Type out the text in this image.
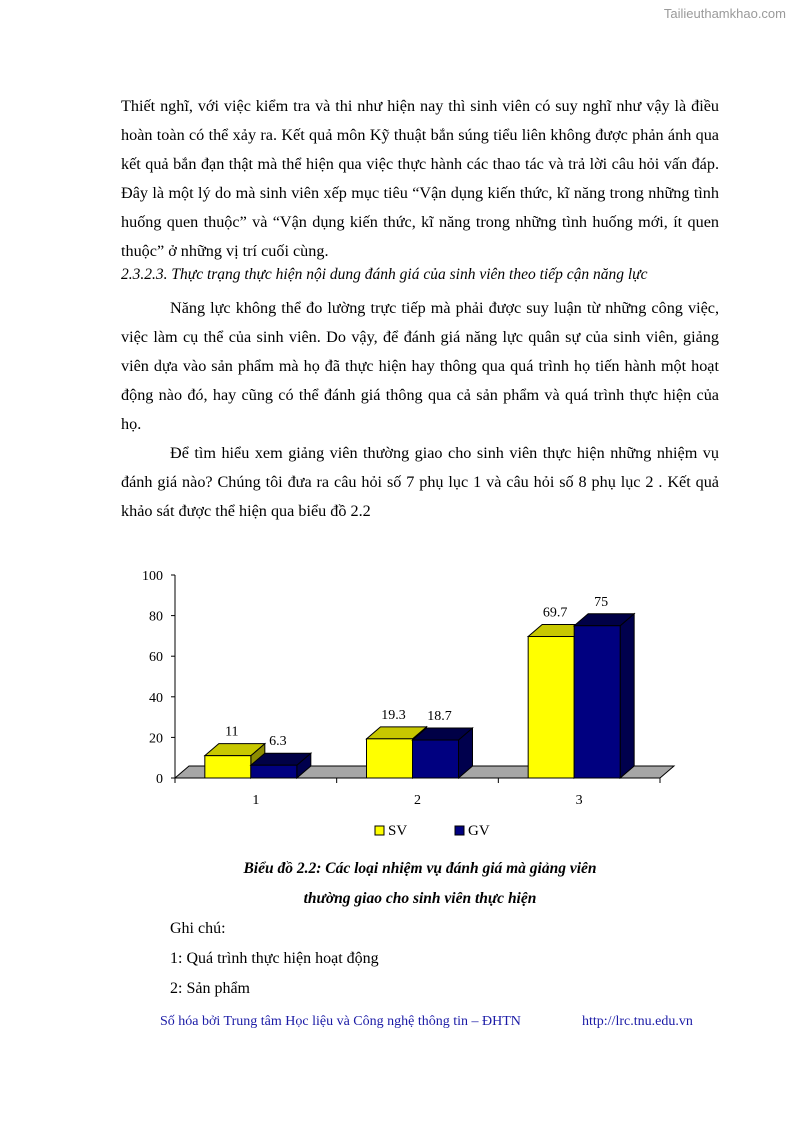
Tailieuthamkhao.com

Thiết nghĩ, với việc kiểm tra và thi như hiện nay thì sinh viên có suy nghĩ như vậy là điều hoàn toàn có thể xảy ra. Kết quả môn Kỹ thuật bắn súng tiểu liên không được phản ánh qua kết quả bắn đạn thật mà thể hiện qua việc thực hành các thao tác và trả lời câu hỏi vấn đáp. Đây là một lý do mà sinh viên xếp mục tiêu “Vận dụng kiến thức, kĩ năng trong những tình huống quen thuộc” và “Vận dụng kiến thức, kĩ năng trong những tình huống mới, ít quen thuộc” ở những vị trí cuối cùng.

2.3.2.3. Thực trạng thực hiện nội dung đánh giá của sinh viên theo tiếp cận năng lực

Năng lực không thể đo lường trực tiếp mà phải được suy luận từ những công việc, việc làm cụ thể của sinh viên. Do vậy, để đánh giá năng lực quân sự của sinh viên, giảng viên dựa vào sản phẩm mà họ đã thực hiện hay thông qua quá trình họ tiến hành một hoạt động nào đó, hay cũng có thể đánh giá thông qua cả sản phẩm và quá trình thực hiện của họ.

Để tìm hiểu xem giảng viên thường giao cho sinh viên thực hiện những nhiệm vụ đánh giá nào? Chúng tôi đưa ra câu hỏi số 7 phụ lục 1 và câu hỏi số 8 phụ lục 2 . Kết quả khảo sát được thể hiện qua biểu đồ 2.2

0
20
40
60
80
100
1	2	3
11
6.3
19.3 18.7
69.7
75
SV	GV

Biểu đồ 2.2: Các loại nhiệm vụ đánh giá mà giảng viên

thường giao cho sinh viên thực hiện

Ghi chú:

1: Quá trình thực hiện hoạt động

2: Sản phẩm

Số hóa bởi Trung tâm Học liệu và Công nghệ thông tin – ĐHTN	http://lrc.tnu.edu.vn
